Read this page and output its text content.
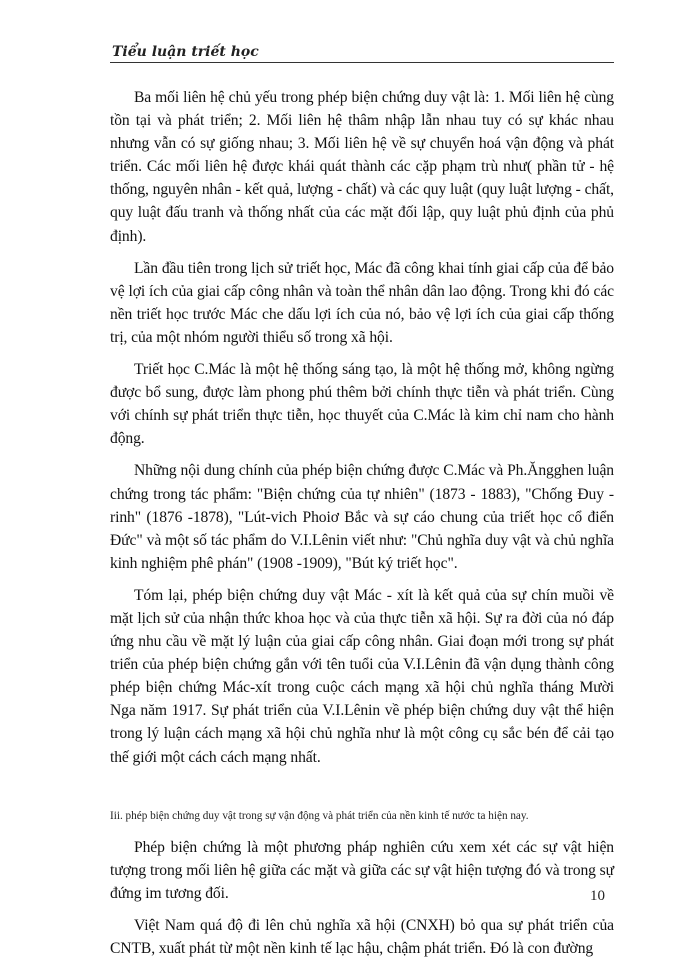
Tiểu luận triết học

Ba mối liên hệ chủ yếu trong phép biện chứng duy vật là: 1. Mối liên hệ cùng tồn tại và phát triển; 2. Mối liên hệ thâm nhập lẫn nhau tuy có sự khác nhau nhưng vẫn có sự giống nhau; 3. Mối liên hệ về sự chuyển hoá vận động và phát triển. Các mối liên hệ được khái quát thành các cặp phạm trù như( phần tử - hệ thống, nguyên nhân - kết quả, lượng - chất) và các quy luật (quy luật lượng - chất, quy luật đấu tranh và thống nhất của các mặt đối lập, quy luật phủ định của phủ định).

Lần đầu tiên trong lịch sử triết học, Mác đã công khai tính giai cấp của để bảo vệ lợi ích của giai cấp công nhân và toàn thể nhân dân lao động. Trong khi đó các nền triết học trước Mác che dấu lợi ích của nó, bảo vệ lợi ích của giai cấp thống trị, của một nhóm người thiểu số trong xã hội.

Triết học C.Mác là một hệ thống sáng tạo, là một hệ thống mở, không ngừng được bổ sung, được làm phong phú thêm bởi chính thực tiễn và phát triển. Cùng với chính sự phát triển thực tiễn, học thuyết của C.Mác là kim chỉ nam cho hành động.

Những nội dung chính của phép biện chứng được C.Mác và Ph.Ăngghen luận chứng trong tác phẩm: "Biện chứng của tự nhiên" (1873 - 1883), "Chống Đuy -rinh" (1876 -1878), "Lút-vich Phoiơ Bắc và sự cáo chung của triết học cổ điển Đức" và một số tác phẩm do V.I.Lênin viết như: "Chủ nghĩa duy vật và chủ nghĩa kinh nghiệm phê phán" (1908 -1909), "Bút ký triết học".

Tóm lại, phép biện chứng duy vật Mác - xít là kết quả của sự chín muồi về mặt lịch sử của nhận thức khoa học và của thực tiễn xã hội. Sự ra đời của nó đáp ứng nhu cầu về mặt lý luận của giai cấp công nhân. Giai đoạn mới trong sự phát triển của phép biện chứng gắn với tên tuổi của V.I.Lênin đã vận dụng thành công phép biện chứng Mác-xít trong cuộc cách mạng xã hội chủ nghĩa tháng Mười Nga năm 1917. Sự phát triển của V.I.Lênin về phép biện chứng duy vật thể hiện trong lý luận cách mạng xã hội chủ nghĩa như là một công cụ sắc bén để cải tạo thế giới một cách cách mạng nhất.

Iii. phép biện chứng duy vật trong sự vận động và phát triển của nền kinh tế nước ta hiện nay.

Phép biện chứng là một phương pháp nghiên cứu xem xét các sự vật hiện tượng trong mối liên hệ giữa các mặt và giữa các sự vật hiện tượng đó và trong sự đứng im tương đối.

Việt Nam quá độ đi lên chủ nghĩa xã hội (CNXH) bỏ qua sự phát triển của CNTB, xuất phát từ một nền kinh tế lạc hậu, chậm phát triển. Đó là con đường

10
